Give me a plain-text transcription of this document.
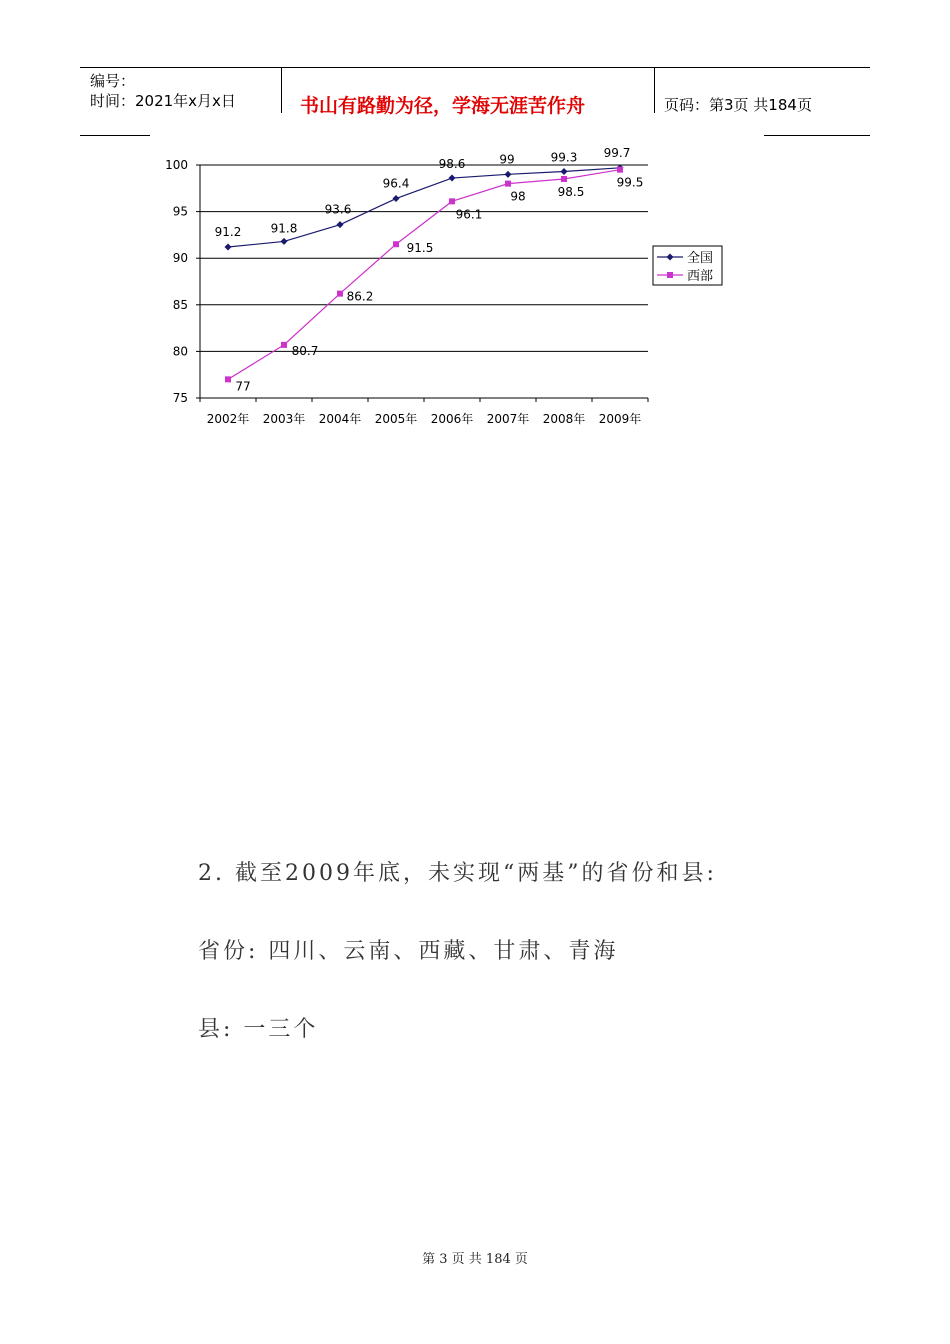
编号：
时间：2021年x月x日	书山有路勤为径，学海无涯苦作舟	页码：第3页 共184页
75
80
85
90
95
100
2002年 2003年 2004年 2005年 2006年 2007年 2008年 2009年
91.2 91.8
93.6
96.4
98.6	99	99.3 99.7
77
80.7
86.2
91.5
96.1
98	98.5
99.5
全国
西部
2. 截至2009年底，未实现“两基”的省份和县:
省份: 四川、云南、西藏、甘肃、青海
县: 一三个
第 3 页 共 184 页
